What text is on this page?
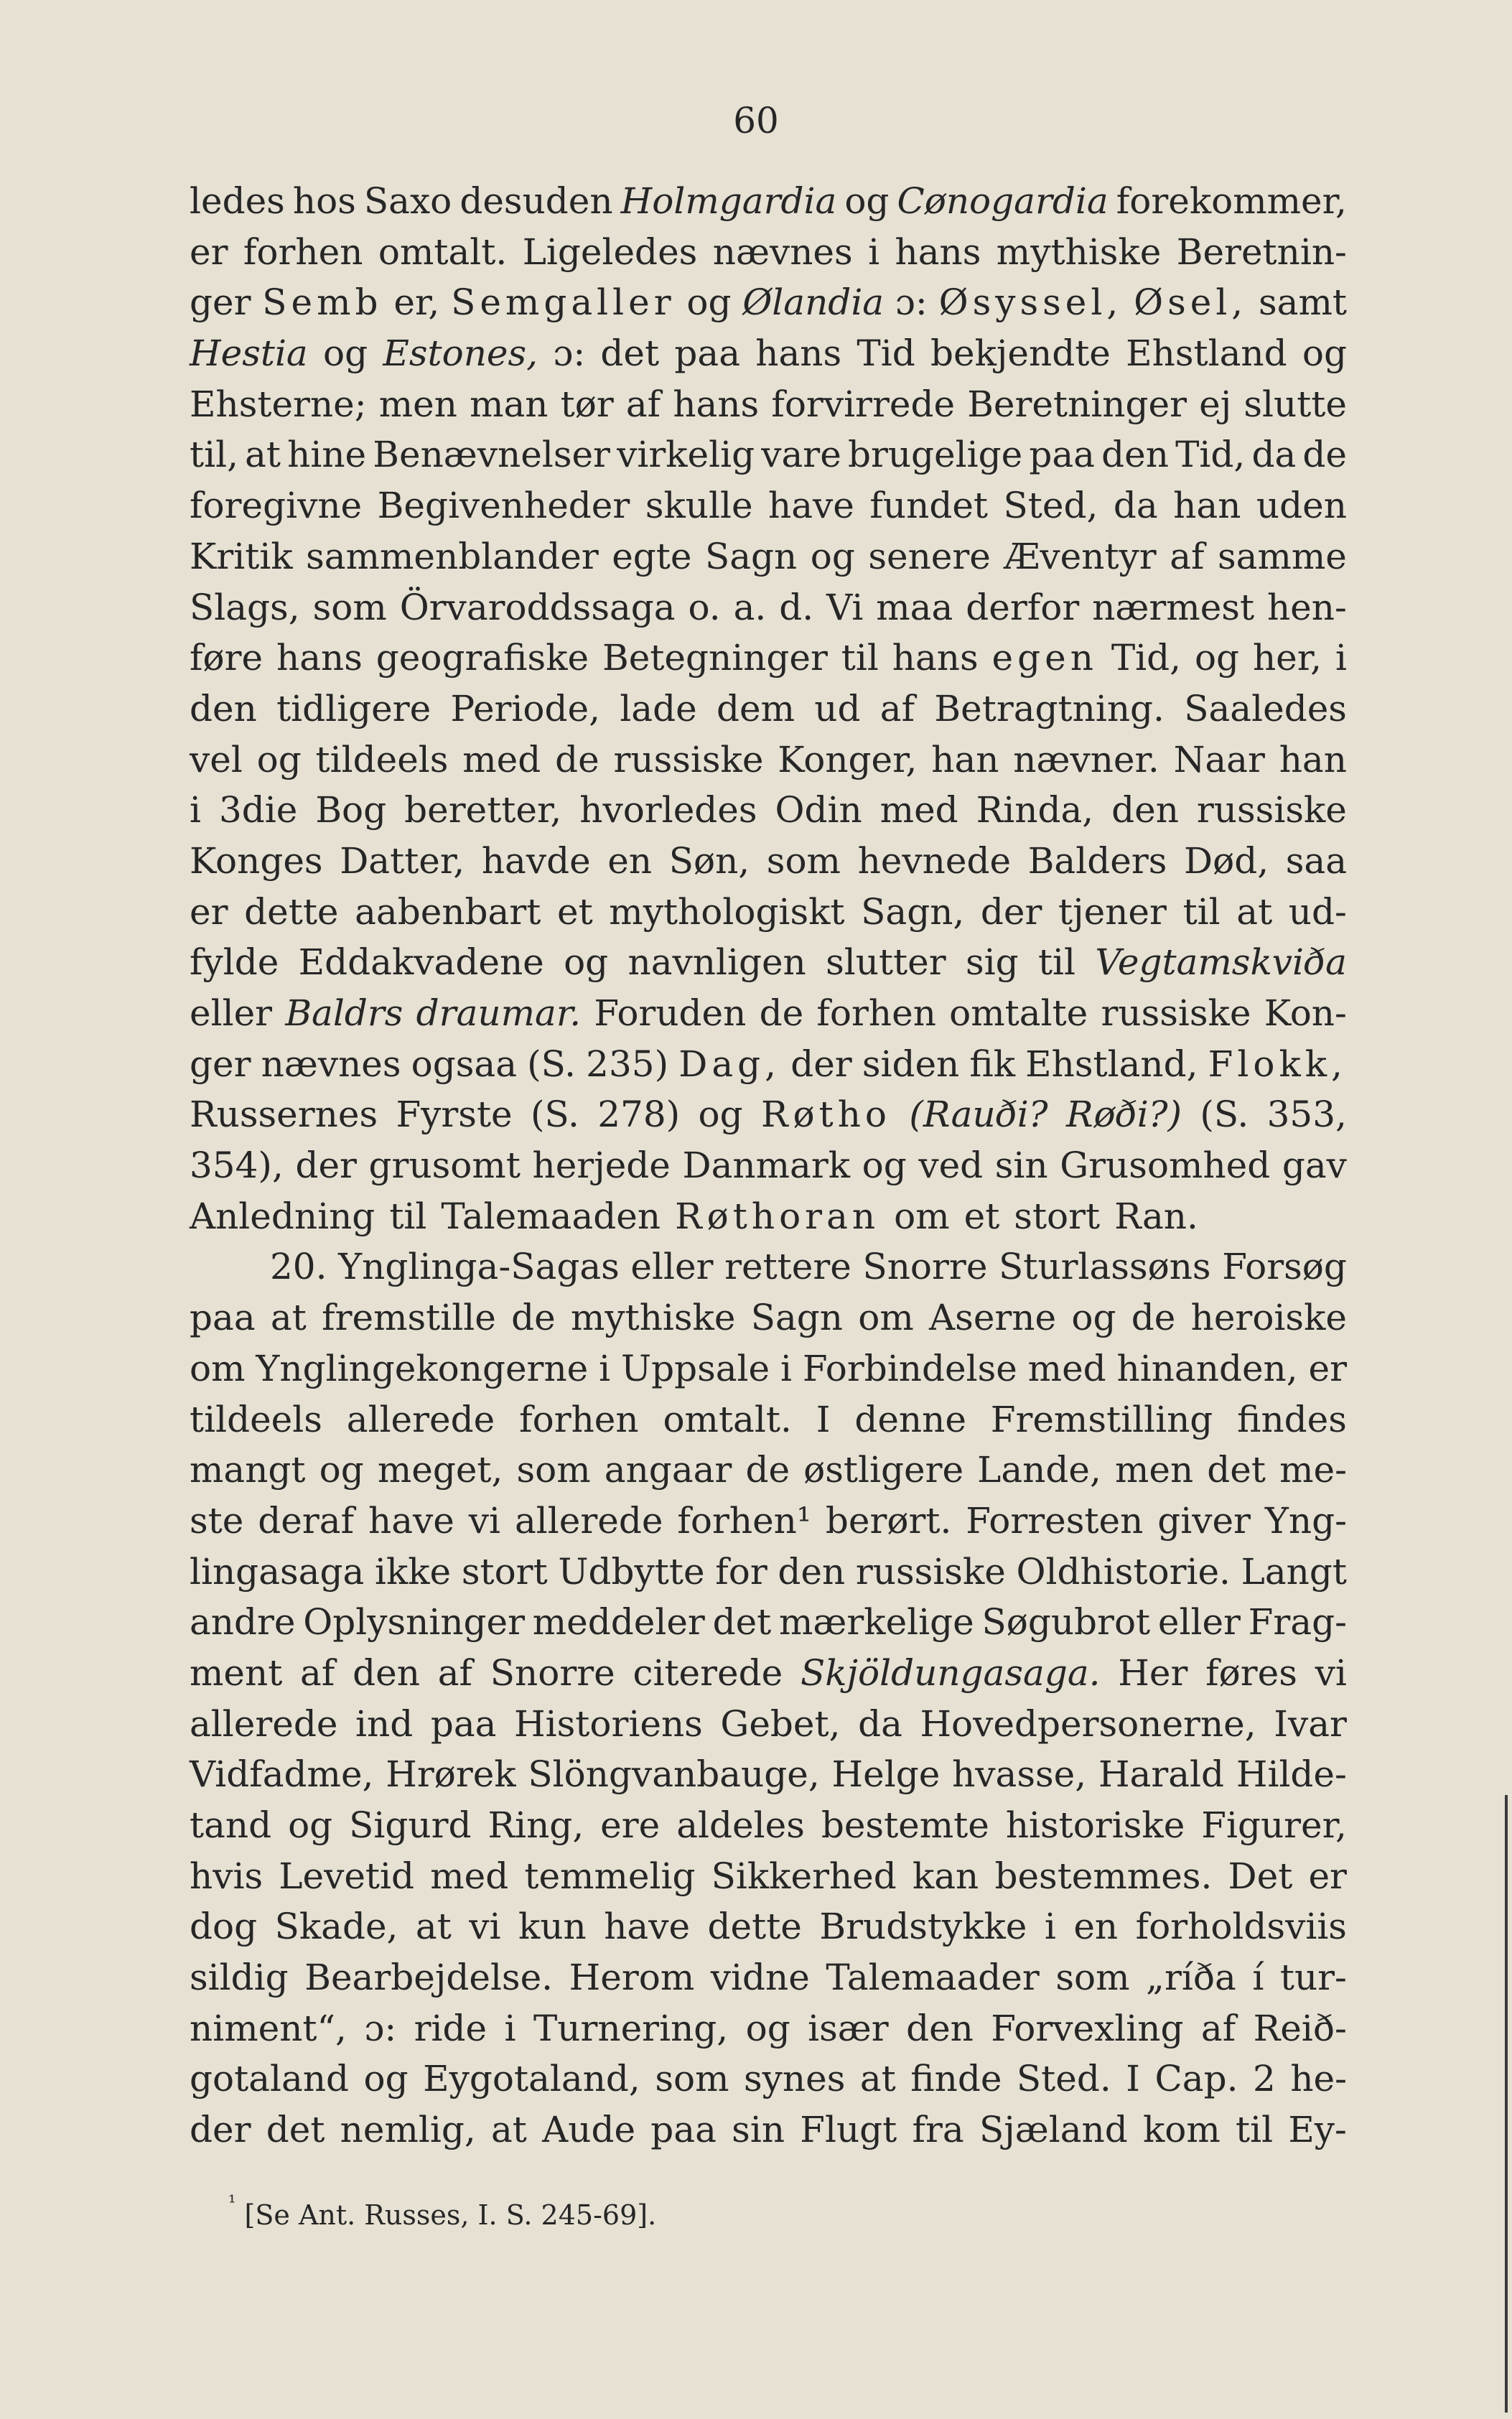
60
ledes hos Saxo desuden Holmgardia og Cønogardia forekommer,
er forhen omtalt. Ligeledes nævnes i hans mythiske Beretnin-
ger Semb er, Semgaller og Ølandia ɔ: Øsyssel, Øsel, samt
Hestia og Estones, ɔ: det paa hans Tid bekjendte Ehstland og
Ehsterne; men man tør af hans forvirrede Beretninger ej slutte
til, at hine Benævnelser virkelig vare brugelige paa den Tid, da de
foregivne Begivenheder skulle have fundet Sted, da han uden
Kritik sammenblander egte Sagn og senere Æventyr af samme
Slags, som Örvaroddssaga o. a. d. Vi maa derfor nærmest hen-
føre hans geografiske Betegninger til hans egen Tid, og her, i
den tidligere Periode, lade dem ud af Betragtning. Saaledes
vel og tildeels med de russiske Konger, han nævner. Naar han
i 3die Bog beretter, hvorledes Odin med Rinda, den russiske
Konges Datter, havde en Søn, som hevnede Balders Død, saa
er dette aabenbart et mythologiskt Sagn, der tjener til at ud-
fylde Eddakvadene og navnligen slutter sig til Vegtamskviða
eller Baldrs draumar. Foruden de forhen omtalte russiske Kon-
ger nævnes ogsaa (S. 235) Dag, der siden fik Ehstland, Flokk,
Russernes Fyrste (S. 278) og Røtho (Rauði? Røði?) (S. 353,
354), der grusomt herjede Danmark og ved sin Grusomhed gav
Anledning til Talemaaden Røthoran om et stort Ran.
20. Ynglinga-Sagas eller rettere Snorre Sturlassøns Forsøg
paa at fremstille de mythiske Sagn om Aserne og de heroiske
om Ynglingekongerne i Uppsale i Forbindelse med hinanden, er
tildeels allerede forhen omtalt. I denne Fremstilling findes
mangt og meget, som angaar de østligere Lande, men det me-
ste deraf have vi allerede forhen¹ berørt. Forresten giver Yng-
lingasaga ikke stort Udbytte for den russiske Oldhistorie. Langt
andre Oplysninger meddeler det mærkelige Søgubrot eller Frag-
ment af den af Snorre citerede Skjöldungasaga. Her føres vi
allerede ind paa Historiens Gebet, da Hovedpersonerne, Ivar
Vidfadme, Hrørek Slöngvanbauge, Helge hvasse, Harald Hilde-
tand og Sigurd Ring, ere aldeles bestemte historiske Figurer,
hvis Levetid med temmelig Sikkerhed kan bestemmes. Det er
dog Skade, at vi kun have dette Brudstykke i en forholdsviis
sildig Bearbejdelse. Herom vidne Talemaader som „ríða í tur-
niment“, ɔ: ride i Turnering, og især den Forvexling af Reið-
gotaland og Eygotaland, som synes at finde Sted. I Cap. 2 he-
der det nemlig, at Aude paa sin Flugt fra Sjæland kom til Ey-
$^{^1}$ [Se Ant. Russes, I. S. 245-69].
